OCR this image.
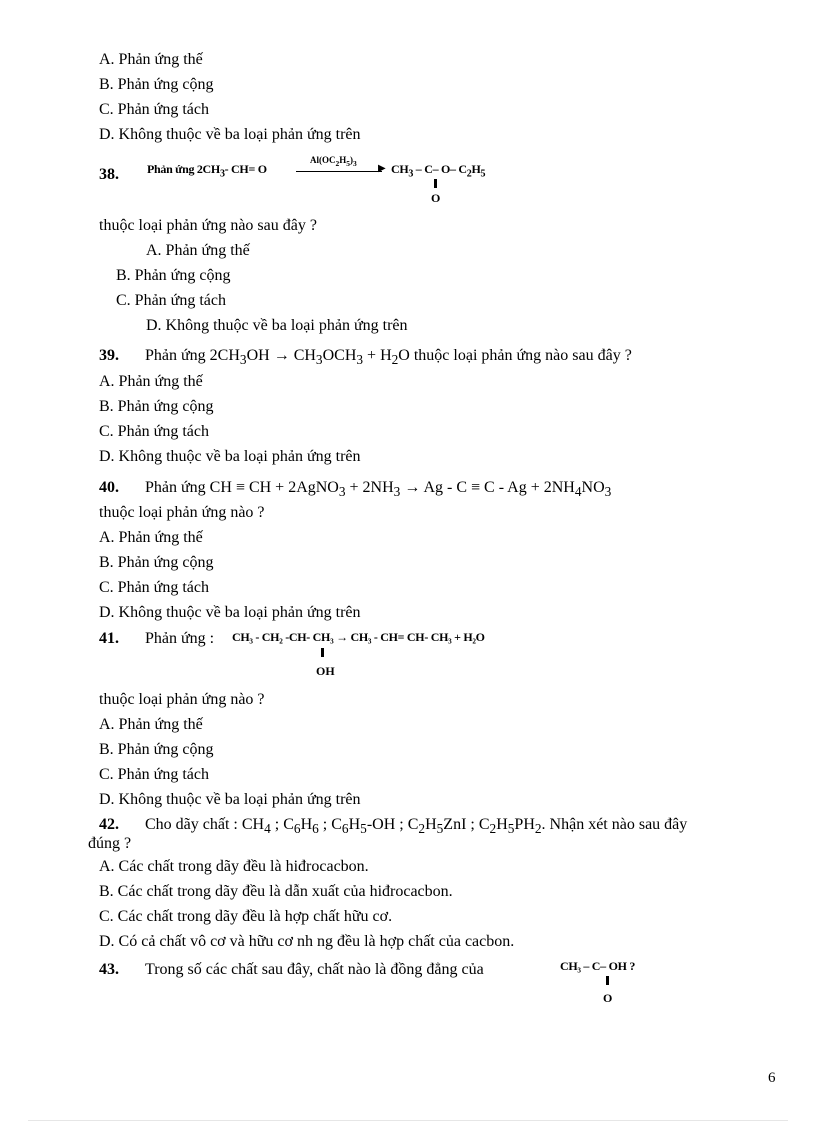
A. Phản ứng thế
B. Phản ứng cộng
C. Phản ứng tách
D. Không thuộc về ba loại phản ứng trên
38.	Phản ứng $2CH_3-$ CH= O
$Al(OC_2H_5)_3$ ▶ $CH_3 - C-$ O– $C_2H_5$
O
thuộc loại phản ứng nào sau đây ?
A. Phản ứng thế
B. Phản ứng cộng
C. Phản ứng tách
D. Không thuộc về ba loại phản ứng trên
39. Phản ứng $2CH_3OH \to CH_3OCH_3 + H_2O$ thuộc loại phản ứng nào sau đây ?
A. Phản ứng thế
B. Phản ứng cộng
C. Phản ứng tách
D. Không thuộc về ba loại phản ứng trên
40. Phản ứng CH ≡ CH + 2AgNO$_3$ + $2NH_3 \to Ag - C \equiv C - Ag + 2NH_4NO_3$
thuộc loại phản ứng nào ?
A. Phản ứng thế
B. Phản ứng cộng
C. Phản ứng tách
D. Không thuộc về ba loại phản ứng trên
41. Phản ứng : CH₃ - CH₂ -CH- CH₃ → CH₃ - CH= CH- CH₃ + H₂O
OH
thuộc loại phản ứng nào ?
A. Phản ứng thế
B. Phản ứng cộng
C. Phản ứng tách
D. Không thuộc về ba loại phản ứng trên
42. Cho dãy chất : $CH_4$ ; $C_6H_6$ ; $C_6H_5-OH$ ; $C_2H_5ZnI$ ; $C_2H_5PH_2$. Nhận xét nào sau đây
đúng ?
A. Các chất trong dãy đều là hiđrocacbon.
B. Các chất trong dãy đều là dẫn xuất của hiđrocacbon.
C. Các chất trong dãy đều là hợp chất hữu cơ.
D. Có cả chất vô cơ và hữu cơ nh ng đều là hợp chất của cacbon.
43. Trong số các chất sau đây, chất nào là đồng đẳng của	CH₃ – C– OH ?
O
6
